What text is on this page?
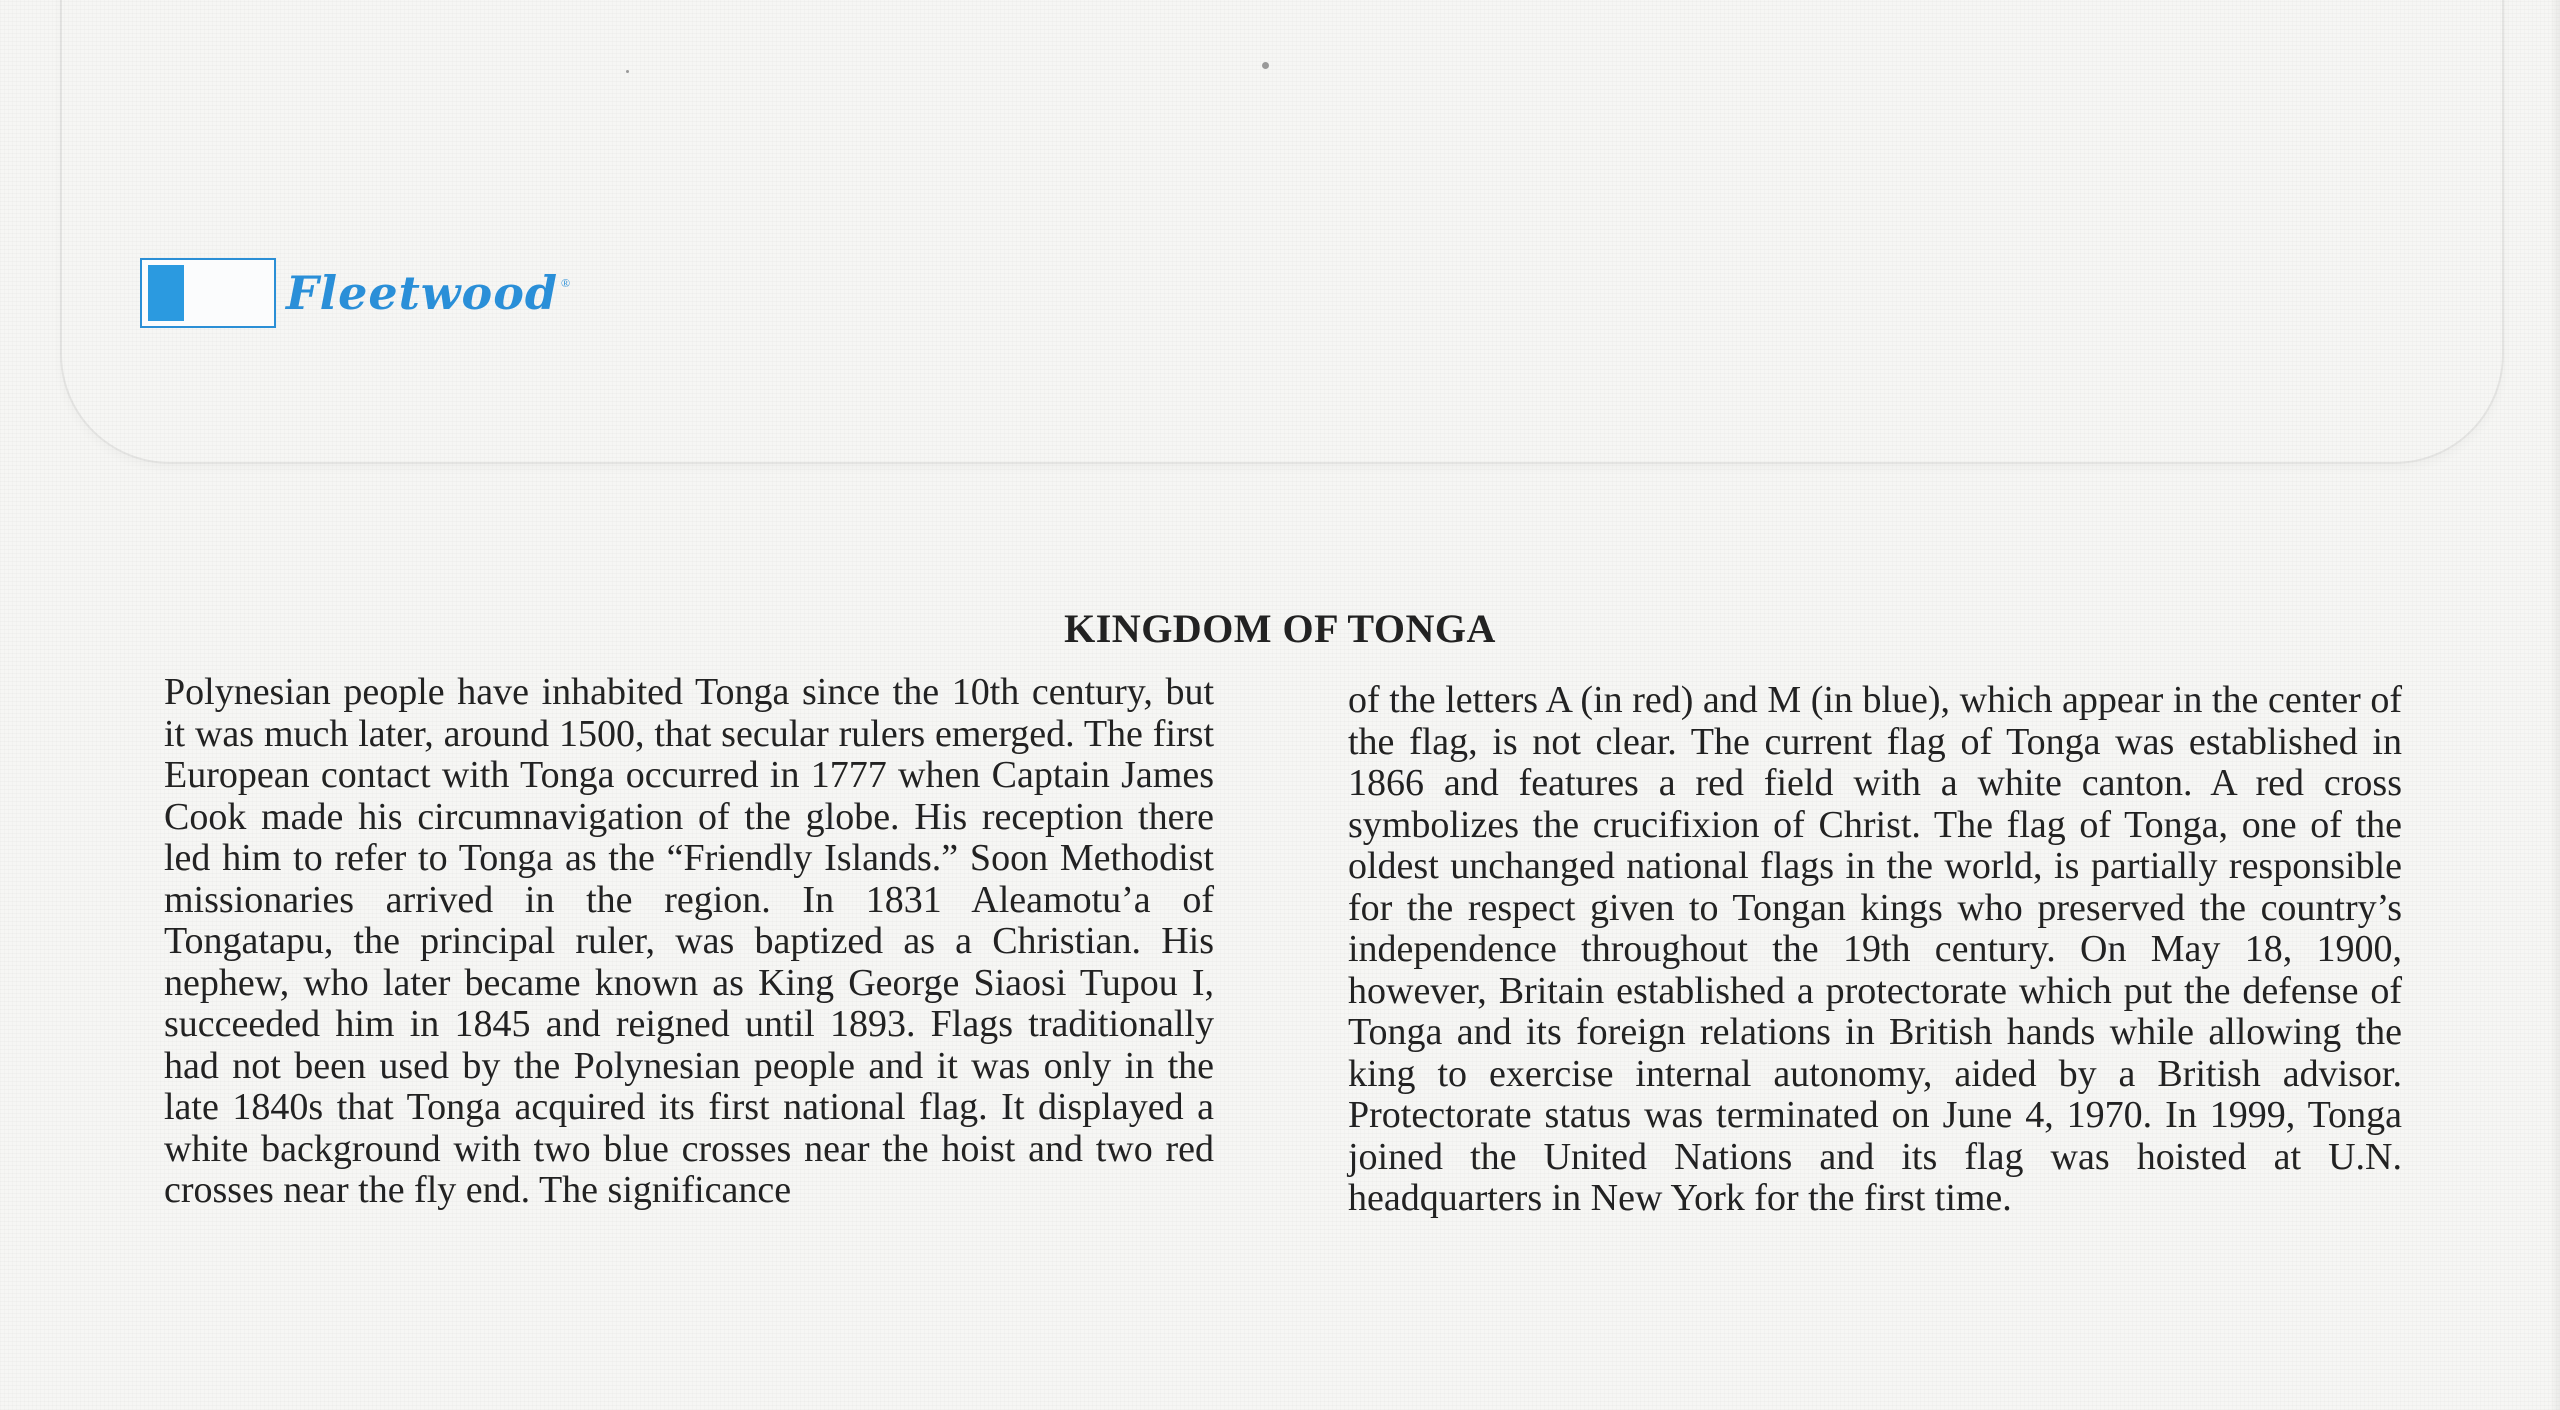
Fleetwood ®
KINGDOM OF TONGA

Polynesian people have inhabited Tonga since the 10th century, but it was much later, around 1500, that secular rulers emerged. The first European contact with Tonga occurred in 1777 when Captain James Cook made his circumnavigation of the globe. His reception there led him to refer to Tonga as the “Friendly Islands.” Soon Methodist missionaries arrived in the region. In 1831 Aleamotu’a of Tongatapu, the principal ruler, was baptized as a Christian. His nephew, who later became known as King George Siaosi Tupou I, succeeded him in 1845 and reigned until 1893. Flags traditionally had not been used by the Polynesian people and it was only in the late 1840s that Tonga acquired its first national flag. It displayed a white background with two blue crosses near the hoist and two red crosses near the fly end. The significance

of the letters A (in red) and M (in blue), which appear in the center of the flag, is not clear. The current flag of Tonga was established in 1866 and features a red field with a white canton. A red cross symbolizes the crucifixion of Christ. The flag of Tonga, one of the oldest unchanged national flags in the world, is partially responsible for the respect given to Tongan kings who preserved the country’s independence throughout the 19th century. On May 18, 1900, however, Britain established a protectorate which put the defense of Tonga and its foreign relations in British hands while allowing the king to exercise internal autonomy, aided by a British advisor. Protectorate status was terminated on June 4, 1970. In 1999, Tonga joined the United Nations and its flag was hoisted at U.N. headquarters in New York for the first time.
